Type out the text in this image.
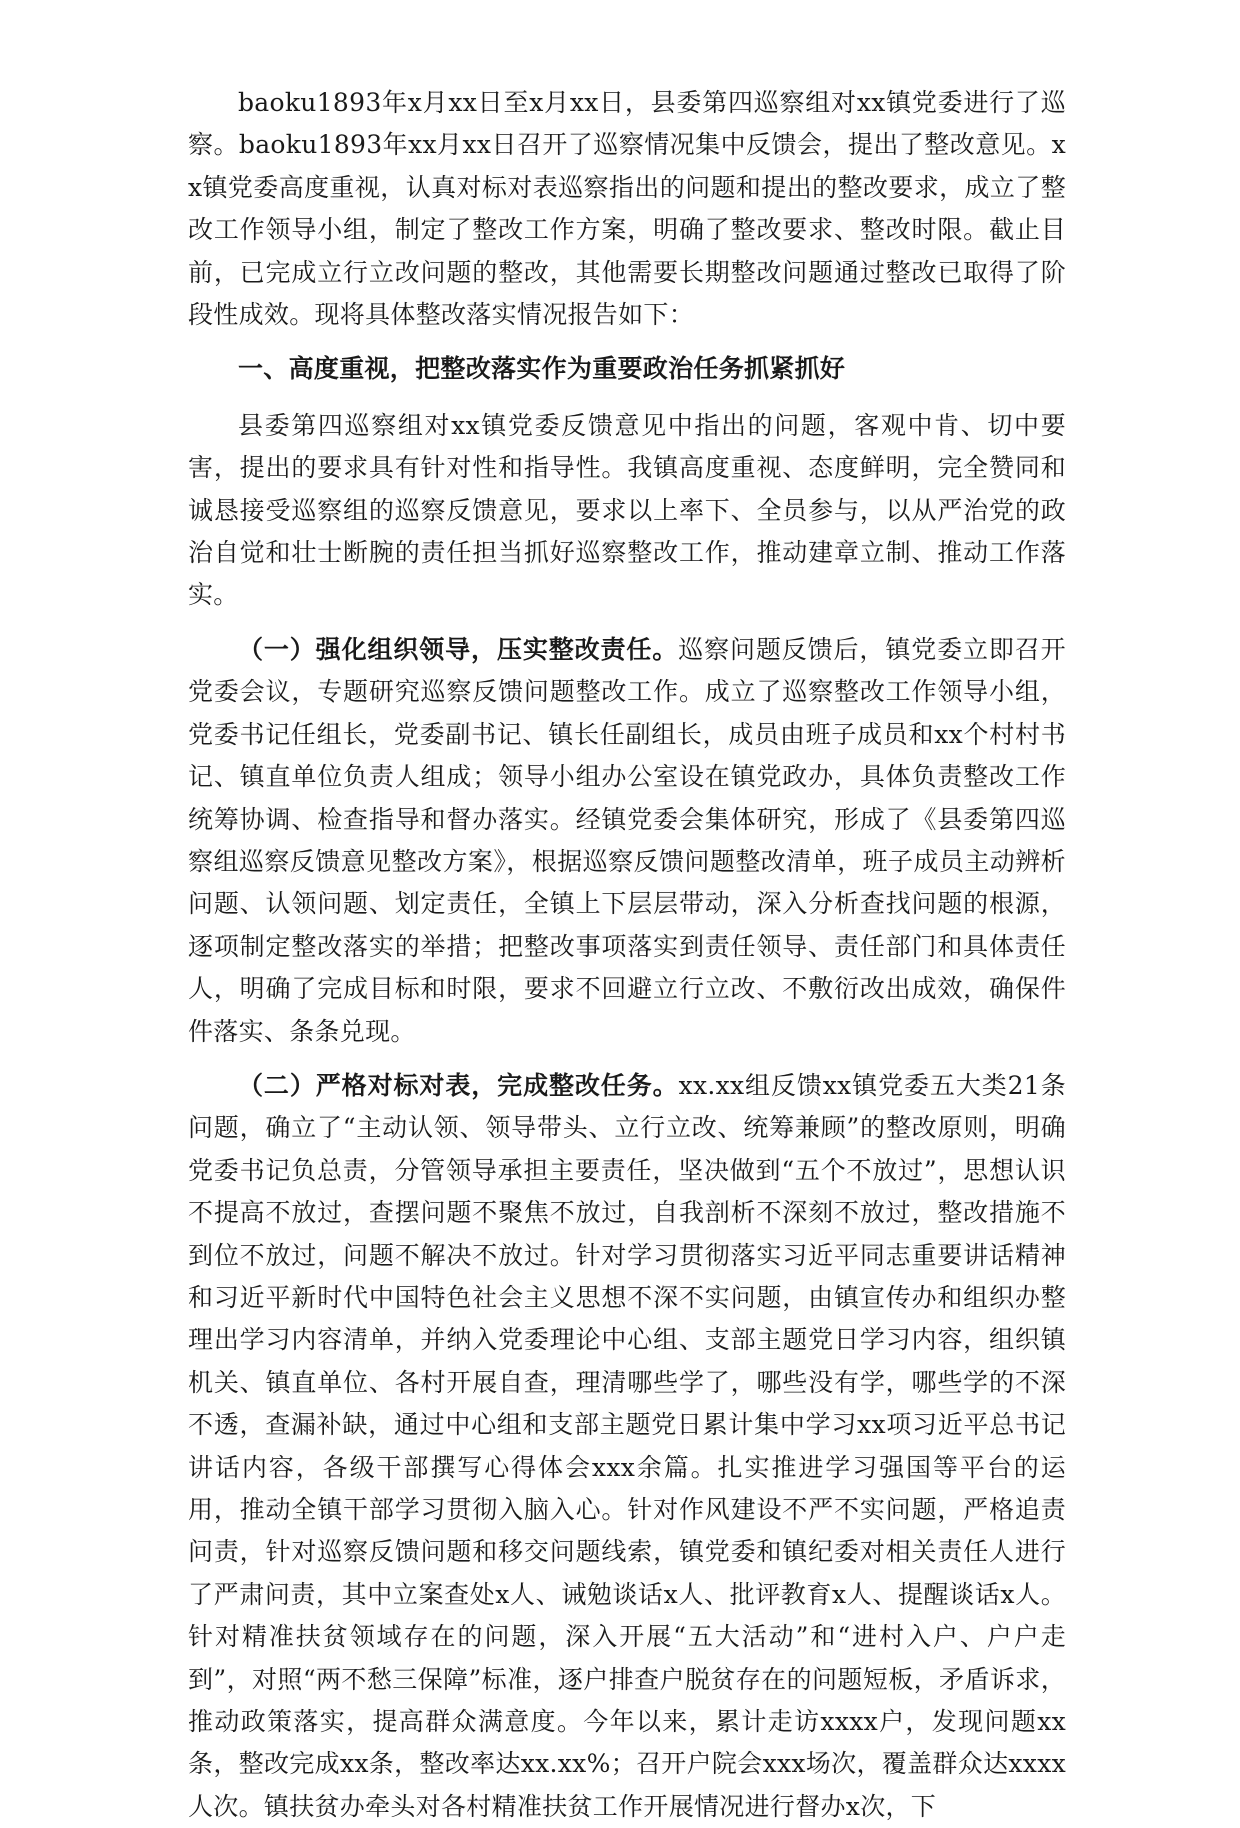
baoku1893年x月xx日至x月xx日，县委第四巡察组对xx镇党委进行了巡察。baoku1893年xx月xx日召开了巡察情况集中反馈会，提出了整改意见。xx镇党委高度重视，认真对标对表巡察指出的问题和提出的整改要求，成立了整改工作领导小组，制定了整改工作方案，明确了整改要求、整改时限。截止目前，已完成立行立改问题的整改，其他需要长期整改问题通过整改已取得了阶段性成效。现将具体整改落实情况报告如下：

一、高度重视，把整改落实作为重要政治任务抓紧抓好

县委第四巡察组对xx镇党委反馈意见中指出的问题，客观中肯、切中要害，提出的要求具有针对性和指导性。我镇高度重视、态度鲜明，完全赞同和诚恳接受巡察组的巡察反馈意见，要求以上率下、全员参与，以从严治党的政治自觉和壮士断腕的责任担当抓好巡察整改工作，推动建章立制、推动工作落实。

（一）强化组织领导，压实整改责任。巡察问题反馈后，镇党委立即召开党委会议，专题研究巡察反馈问题整改工作。成立了巡察整改工作领导小组，党委书记任组长，党委副书记、镇长任副组长，成员由班子成员和xx个村村书记、镇直单位负责人组成；领导小组办公室设在镇党政办，具体负责整改工作统筹协调、检查指导和督办落实。经镇党委会集体研究，形成了《县委第四巡察组巡察反馈意见整改方案》，根据巡察反馈问题整改清单，班子成员主动辨析问题、认领问题、划定责任，全镇上下层层带动，深入分析查找问题的根源，逐项制定整改落实的举措；把整改事项落实到责任领导、责任部门和具体责任人，明确了完成目标和时限，要求不回避立行立改、不敷衍改出成效，确保件件落实、条条兑现。

（二）严格对标对表，完成整改任务。xx.xx组反馈xx镇党委五大类21条问题，确立了“主动认领、领导带头、立行立改、统筹兼顾”的整改原则，明确党委书记负总责，分管领导承担主要责任，坚决做到“五个不放过”，思想认识不提高不放过，查摆问题不聚焦不放过，自我剖析不深刻不放过，整改措施不到位不放过，问题不解决不放过。针对学习贯彻落实习近平同志重要讲话精神和习近平新时代中国特色社会主义思想不深不实问题，由镇宣传办和组织办整理出学习内容清单，并纳入党委理论中心组、支部主题党日学习内容，组织镇机关、镇直单位、各村开展自查，理清哪些学了，哪些没有学，哪些学的不深不透，查漏补缺，通过中心组和支部主题党日累计集中学习xx项习近平总书记讲话内容，各级干部撰写心得体会xxx余篇。扎实推进学习强国等平台的运用，推动全镇干部学习贯彻入脑入心。针对作风建设不严不实问题，严格追责问责，针对巡察反馈问题和移交问题线索，镇党委和镇纪委对相关责任人进行了严肃问责，其中立案查处x人、诫勉谈话x人、批评教育x人、提醒谈话x人。针对精准扶贫领域存在的问题，深入开展“五大活动”和“进村入户、户户走到”，对照“两不愁三保障”标准，逐户排查户脱贫存在的问题短板，矛盾诉求，推动政策落实，提高群众满意度。今年以来，累计走访xxxx户，发现问题xx条，整改完成xx条，整改率达xx.xx%；召开户院会xxx场次，覆盖群众达xxxx人次。镇扶贫办牵头对各村精准扶贫工作开展情况进行督办x次，下
